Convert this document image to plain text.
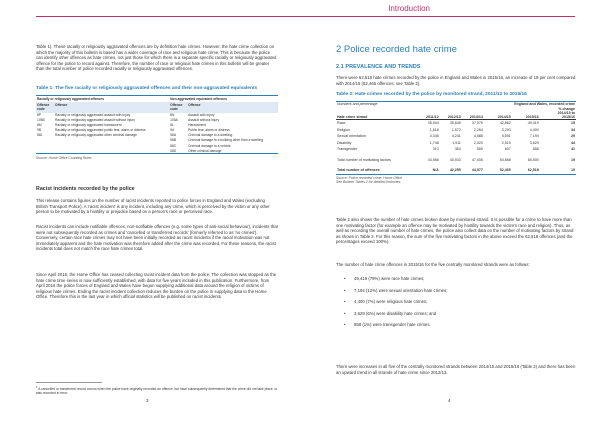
Introduction

Table 1). These racially or religiously aggravated offences are by definition hate crimes. However, the hate crime collection on which the majority of this bulletin is based has a wider coverage of race and religious hate crime. This is because the police can identify other offences as hate crimes, not just those for which there is a separate specific racially or religiously aggravated offence for the police to record against. Therefore, the number of race or religious hate crimes in this bulletin will be greater than the total number of police recorded racially or religiously aggravated offences.

Table 1: The five racially or religiously aggravated offences and their non-aggravated equivalents
Racially or religiously aggravated offences			Non-aggravated equivalent offences	
Offence code	Offence		Offence code	Offence
8P	Racially or religiously aggravated assault with injury		8N	Assault with injury
105B	Racially or religiously aggravated assault without injury		105A	Assault without injury
8M	Racially or religiously aggravated harassment		8L	Harassment
9B	Racially or religiously aggravated public fear, alarm or distress		9A	Public fear, alarm or distress
58J	Racially or religiously aggravated other criminal damage		58A	Criminal damage to a dwelling
			58B	Criminal damage to a building other than a dwelling
			58C	Criminal damage to a vehicle
			58D	Other criminal damage
Source: Home Office Counting Rules
Racist incidents recorded by the police

This release contains figures on the number of racist incidents reported to police forces in England and Wales (excluding British Transport Police). A 'racist incident' is any incident, including any crime, which is perceived by the victim or any other person to be motivated by a hostility or prejudice based on a person's race or perceived race.

Racist incidents can include notifiable offences, non-notifiable offences (e.g. some types of anti-social behaviour), incidents that were not subsequently recorded as crimes and 'cancelled or transferred records' (formerly referred to as 'no crimes'). Conversely, certain race hate crimes may not have been initially recorded as racist incidents if the racial motivation was not immediately apparent and the hate motivation was therefore added after the crime was recorded. For these reasons, the racist incidents total does not match the race hate crimes total.

Since April 2016, the Home Office has ceased collecting racist incident data from the police. The collection was stopped as the hate crime time series is now sufficiently established, with data for five years included in this publication. Furthermore, from April 2016 the police forces of England and Wales have begun supplying additional data around the religion of victims of religious hate crimes. Ending the racist incident collection reduces the burden on the police in supplying data to the Home Office. Therefore this is the last year in which official statistics will be published on racist incidents.

$^1$ A cancelled or transferred record occurs when the police have originally recorded an offence, but have subsequently determined that the crime did not take place, or was recorded in error.
3
2 Police recorded hate crime
2.1 PREVALENCE AND TRENDS

There were 62,518 hate crimes recorded by the police in England and Wales in 2015/16, an increase of 19 per cent compared with 2014/15 (52,465 offences; see Table 2).

Table 2: Hate crimes recorded by the police by monitored strand, 2011/12 to 2015/16
Numbers and percentage				England and Wales, recorded crime		
						% change
						2014/15 to
Hate crime strand	2011/12	2012/13	2013/14	2014/15	2015/16	2015/16
Race	35,944	35,845	37,575	42,862	49,419	15
Religion	1,618	1,572	2,264	3,293	4,400	34
Sexual orientation	4,345	4,241	4,588	5,591	7,194	29
Disability	1,748	1,911	2,020	2,515	3,629	44
Transgender	313	364	559	607	858	41

Total number of motivating factors	43,968	43,933	47,006	54,868	65,500	19

Total number of offences	N/A	42,255	44,577	52,465	62,518	19
Source: Police recorded crime, Home Office
See Bulletin Tables 2 for detailed footnotes.

Table 2 also shows the number of hate crimes broken down by monitored strand. It is possible for a crime to have more than one motivating factor (for example an offence may be motivated by hostility towards the victim's race and religion). Thus, as well as recording the overall number of hate crimes, the police also collect data on the number of motivating factors by strand as shown in Table 2. For this reason, the sum of the five motivating factors in the above exceed the 62,518 offences (and the percentages exceed 100%).

The number of hate crime offences in 2015/16 for the five centrally monitored strands were as follows:

• 49,419 (79%) were race hate crimes;
• 7,194 (12%) were sexual orientation hate crimes;
• 4,400 (7%) were religious hate crimes;
• 3,629 (6%) were disability hate crimes; and
• 858 (1%) were transgender hate crimes.

There were increases in all five of the centrally monitored strands between 2014/15 and 2015/16 (Table 2) and there has been an upward trend in all strands of hate crime since 2012/13.

4
